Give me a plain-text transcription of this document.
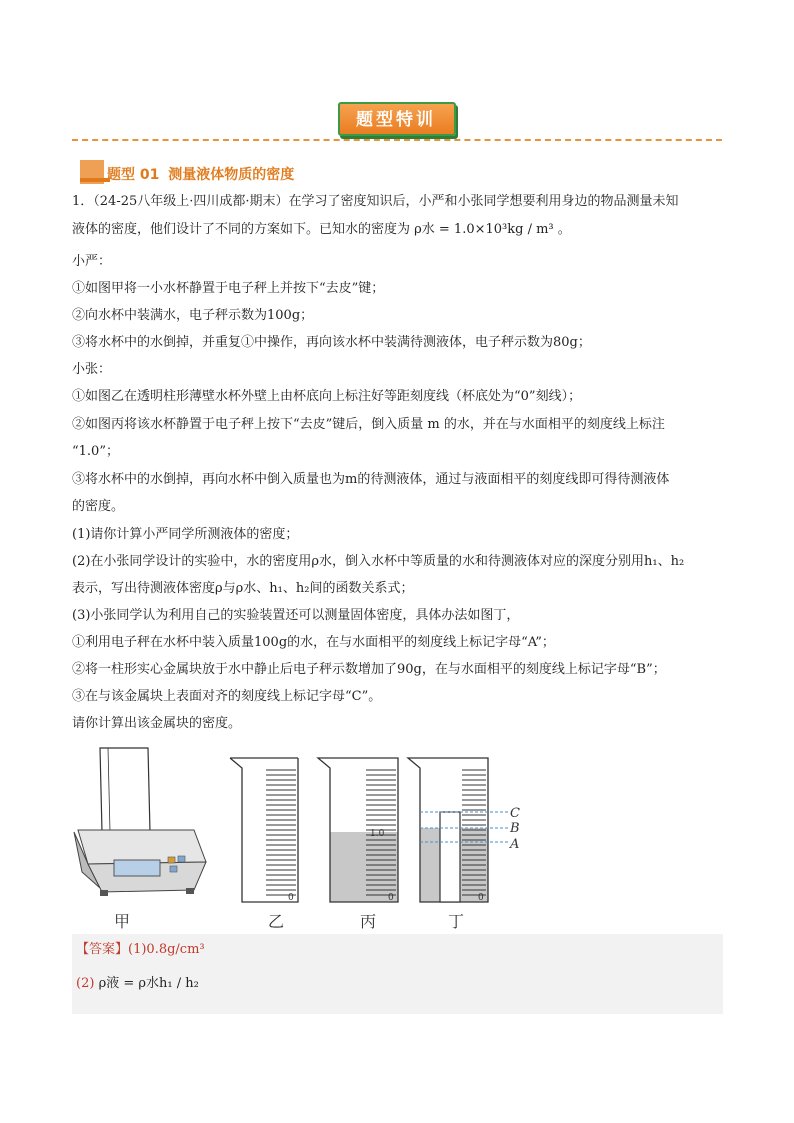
题型特训
题型 01 测量液体物质的密度
1．（24-25八年级上·四川成都·期末）在学习了密度知识后，小严和小张同学想要利用身边的物品测量未知
液体的密度，他们设计了不同的方案如下。已知水的密度为 ρ水 = 1.0×10³kg / m³ 。
小严：
①如图甲将一小水杯静置于电子秤上并按下“去皮”键；
②向水杯中装满水，电子秤示数为100g；
③将水杯中的水倒掉，并重复①中操作，再向该水杯中装满待测液体，电子秤示数为80g；
小张：
①如图乙在透明柱形薄壁水杯外壁上由杯底向上标注好等距刻度线（杯底处为“0”刻线）；
②如图丙将该水杯静置于电子秤上按下“去皮”键后，倒入质量 m 的水，并在与水面相平的刻度线上标注
“1.0”；
③将水杯中的水倒掉，再向水杯中倒入质量也为m的待测液体，通过与液面相平的刻度线即可得待测液体
的密度。
(1)请你计算小严同学所测液体的密度；
(2)在小张同学设计的实验中，水的密度用ρ水，倒入水杯中等质量的水和待测液体对应的深度分别用h₁、h₂
表示，写出待测液体密度ρ与ρ水、h₁、h₂间的函数关系式；
(3)小张同学认为利用自己的实验装置还可以测量固体密度，具体办法如图丁，
①利用电子秤在水杯中装入质量100g的水，在与水面相平的刻度线上标记字母“A”；
②将一柱形实心金属块放于水中静止后电子秤示数增加了90g，在与水面相平的刻度线上标记字母“B”；
③在与该金属块上表面对齐的刻度线上标记字母“C”。
请你计算出该金属块的密度。
甲
0
乙
1.0
0
丙
C
B
A
0
丁
【答案】(1)0.8g/cm³
(2) ρ液 = ρ水h₁ / h₂
